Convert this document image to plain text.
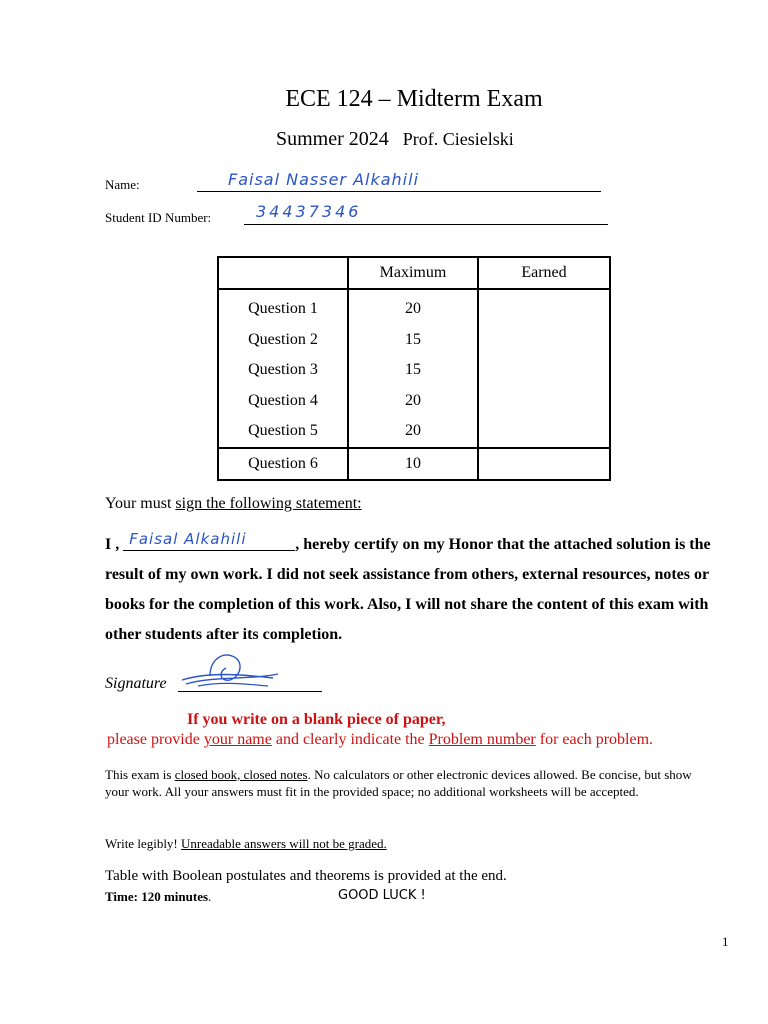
ECE 124 – Midterm Exam
Summer 2024 Prof. Ciesielski
Name:	Faisal Nasser Alkahili
Student ID Number:	34437346
	Maximum	Earned
Question 1	20	
Question 2	15	
Question 3	15	
Question 4	20	
Question 5	20	
Question 6	10	
Your must sign the following statement:
I , Faisal Alkahili	, hereby certify on my Honor that the attached solution is the result of my own work. I did not seek assistance from others, external resources, notes or books for the completion of this work. Also, I will not share the content of this exam with other students after its completion.
Signature
If you write on a blank piece of paper,
please provide your name and clearly indicate the Problem number for each problem.
This exam is closed book, closed notes. No calculators or other electronic devices allowed. Be concise, but show your work. All your answers must fit in the provided space; no additional worksheets will be accepted.
Write legibly! Unreadable answers will not be graded.
Table with Boolean postulates and theorems is provided at the end.
Time: 120 minutes.	GOOD LUCK !
1
